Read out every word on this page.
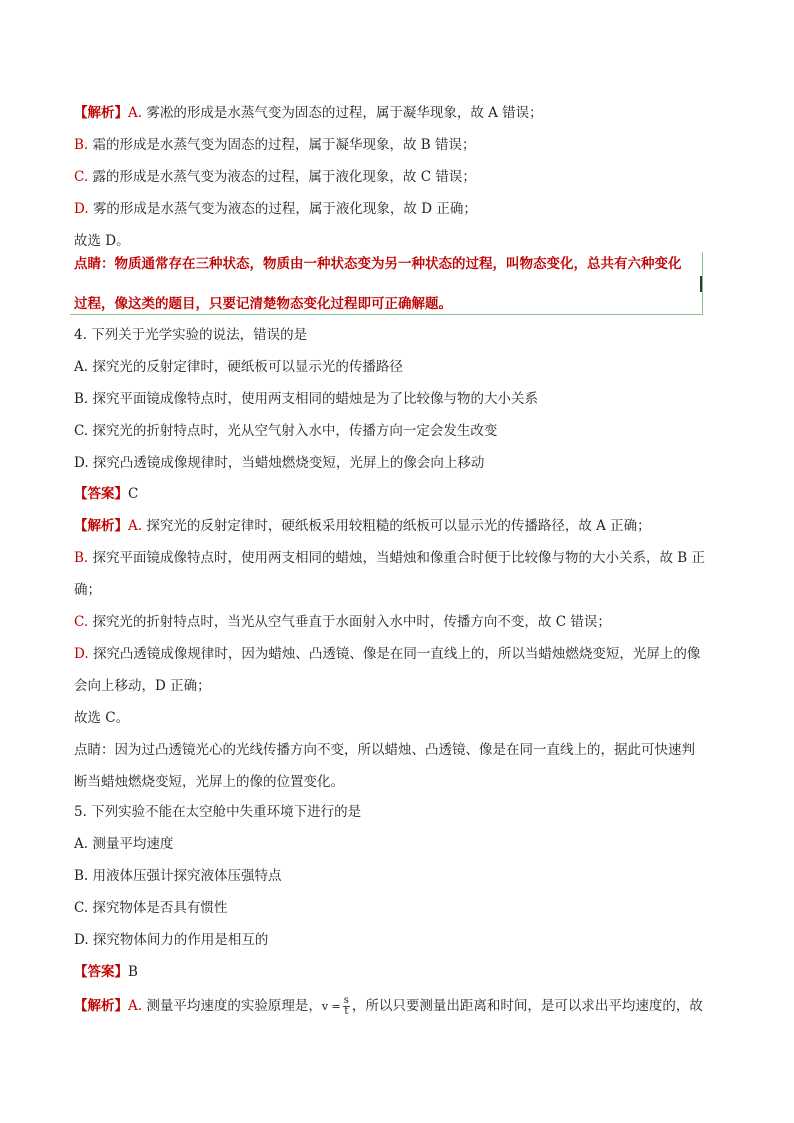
【解析】A. 雾凇的形成是水蒸气变为固态的过程，属于凝华现象，故 A 错误；
B. 霜的形成是水蒸气变为固态的过程，属于凝华现象，故 B 错误；
C. 露的形成是水蒸气变为液态的过程，属于液化现象，故 C 错误；
D. 雾的形成是水蒸气变为液态的过程，属于液化现象，故 D 正确；
故选 D。
点睛：物质通常存在三种状态，物质由一种状态变为另一种状态的过程，叫物态变化，总共有六种变化
过程，像这类的题目，只要记清楚物态变化过程即可正确解题。
4. 下列关于光学实验的说法，错误的是
A. 探究光的反射定律时，硬纸板可以显示光的传播路径
B. 探究平面镜成像特点时，使用两支相同的蜡烛是为了比较像与物的大小关系
C. 探究光的折射特点时，光从空气射入水中，传播方向一定会发生改变
D. 探究凸透镜成像规律时，当蜡烛燃烧变短，光屏上的像会向上移动
【答案】C
【解析】A. 探究光的反射定律时，硬纸板采用较粗糙的纸板可以显示光的传播路径，故 A 正确；
B. 探究平面镜成像特点时，使用两支相同的蜡烛，当蜡烛和像重合时便于比较像与物的大小关系，故 B 正
确；
C. 探究光的折射特点时，当光从空气垂直于水面射入水中时，传播方向不变，故 C 错误；
D. 探究凸透镜成像规律时，因为蜡烛、凸透镜、像是在同一直线上的，所以当蜡烛燃烧变短，光屏上的像
会向上移动，D 正确；
故选 C。
点睛：因为过凸透镜光心的光线传播方向不变，所以蜡烛、凸透镜、像是在同一直线上的，据此可快速判
断当蜡烛燃烧变短，光屏上的像的位置变化。
5. 下列实验不能在太空舱中失重环境下进行的是
A. 测量平均速度
B. 用液体压强计探究液体压强特点
C. 探究物体是否具有惯性
D. 探究物体间力的作用是相互的
【答案】B
【解析】A. 测量平均速度的实验原理是，$v = \frac{s}{t}$ ，所以只要测量出距离和时间，是可以求出平均速度的，故
